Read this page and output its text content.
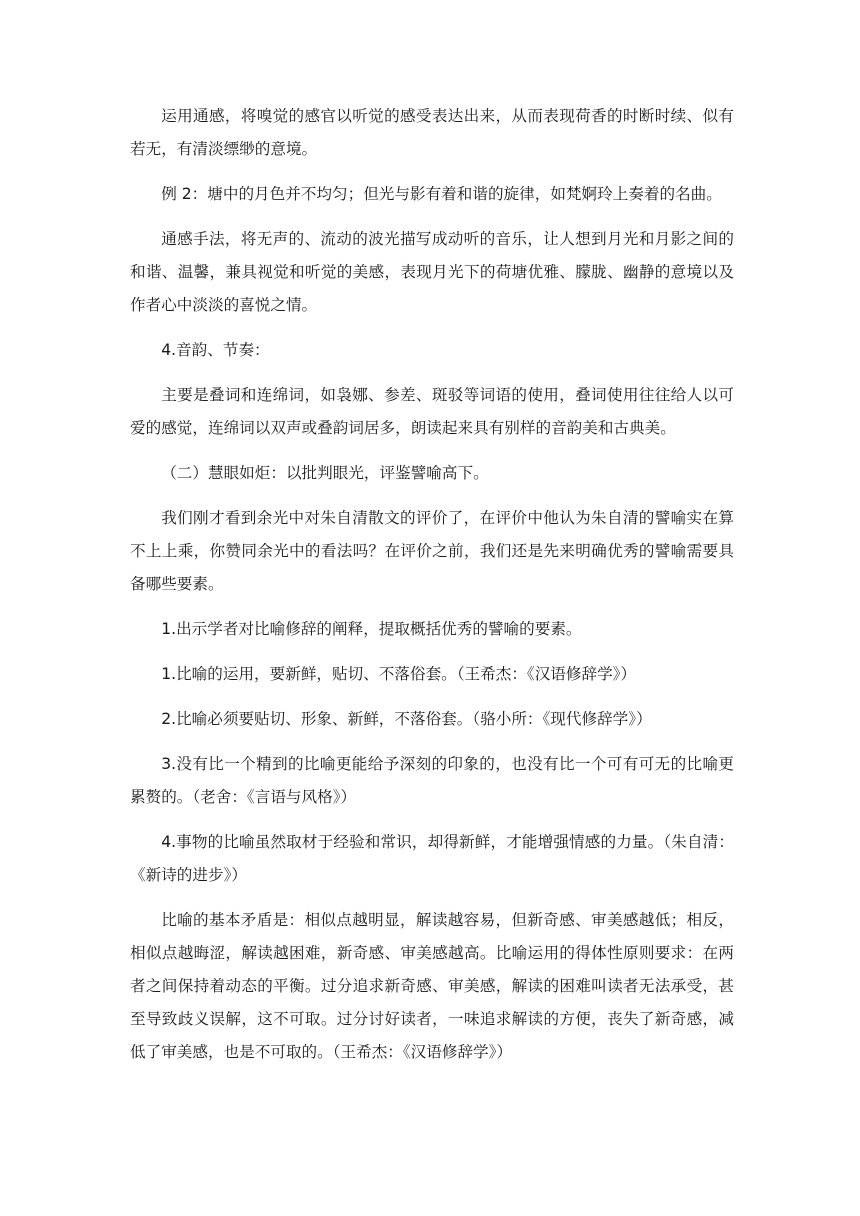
运用通感，将嗅觉的感官以听觉的感受表达出来，从而表现荷香的时断时续、似有若无，有清淡缥缈的意境。

例 2：塘中的月色并不均匀；但光与影有着和谐的旋律，如梵婀玲上奏着的名曲。

通感手法，将无声的、流动的波光描写成动听的音乐，让人想到月光和月影之间的和谐、温馨，兼具视觉和听觉的美感，表现月光下的荷塘优雅、朦胧、幽静的意境以及作者心中淡淡的喜悦之情。

4.音韵、节奏：

主要是叠词和连绵词，如袅娜、参差、斑驳等词语的使用，叠词使用往往给人以可爱的感觉，连绵词以双声或叠韵词居多，朗读起来具有别样的音韵美和古典美。

（二）慧眼如炬：以批判眼光，评鉴譬喻高下。

我们刚才看到余光中对朱自清散文的评价了，在评价中他认为朱自清的譬喻实在算不上上乘，你赞同余光中的看法吗？在评价之前，我们还是先来明确优秀的譬喻需要具备哪些要素。

1.出示学者对比喻修辞的阐释，提取概括优秀的譬喻的要素。

1.比喻的运用，要新鲜，贴切、不落俗套。（王希杰：《汉语修辞学》）

2.比喻必须要贴切、形象、新鲜，不落俗套。（骆小所：《现代修辞学》）

3.没有比一个精到的比喻更能给予深刻的印象的，也没有比一个可有可无的比喻更累赘的。（老舍：《言语与风格》）

4.事物的比喻虽然取材于经验和常识，却得新鲜，才能增强情感的力量。（朱自清：《新诗的进步》）

比喻的基本矛盾是：相似点越明显，解读越容易，但新奇感、审美感越低；相反，相似点越晦涩，解读越困难，新奇感、审美感越高。比喻运用的得体性原则要求：在两者之间保持着动态的平衡。过分追求新奇感、审美感，解读的困难叫读者无法承受，甚至导致歧义误解，这不可取。过分讨好读者，一味追求解读的方便，丧失了新奇感，减低了审美感，也是不可取的。（王希杰：《汉语修辞学》）
